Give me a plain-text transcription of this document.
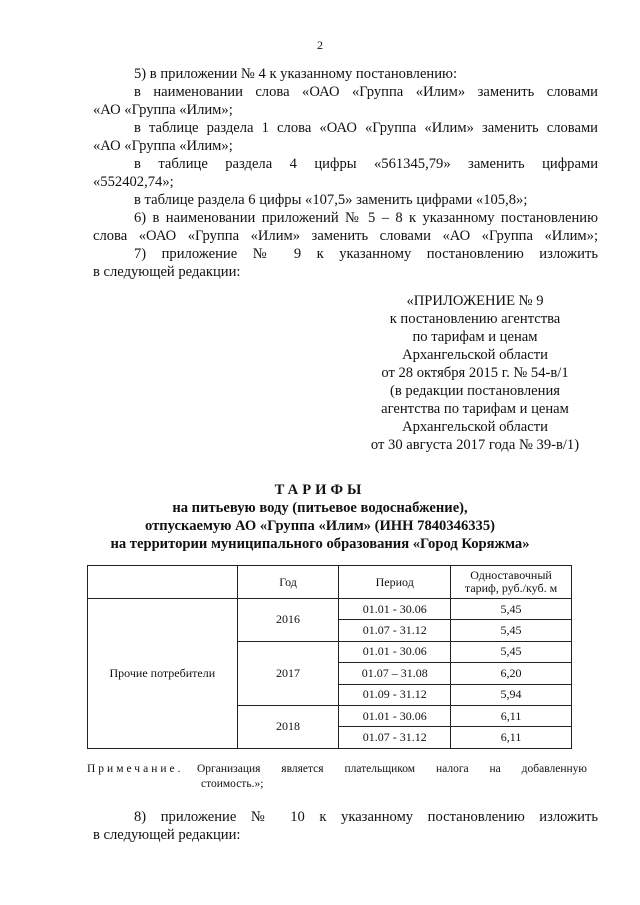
2
5) в приложении № 4 к указанному постановлению:
в наименовании слова «ОАО «Группа «Илим» заменить словами
«АО «Группа «Илим»;
в таблице раздела 1 слова «ОАО «Группа «Илим» заменить словами
«АО «Группа «Илим»;
в таблице раздела 4 цифры «561345,79» заменить цифрами
«552402,74»;
в таблице раздела 6 цифры «107,5» заменить цифрами «105,8»;
6) в наименовании приложений № 5 – 8 к указанному постановлению
слова «ОАО «Группа «Илим» заменить словами «АО «Группа «Илим»;
7) приложение № 9 к указанному постановлению изложить
в следующей редакции:
«ПРИЛОЖЕНИЕ № 9
к постановлению агентства
по тарифам и ценам
Архангельской области
от 28 октября 2015 г. № 54-в/1
(в редакции постановления
агентства по тарифам и ценам
Архангельской области
от 30 августа 2017 года № 39-в/1)
ТАРИФЫ
на питьевую воду (питьевое водоснабжение),
отпускаемую АО «Группа «Илим» (ИНН 7840346335)
на территории муниципального образования «Город Коряжма»
	Год	Период	Одноставочный тариф, руб./куб. м
Прочие потребители	2016	01.01 - 30.06	5,45
		01.07 - 31.12	5,45
	2017	01.01 - 30.06	5,45
		01.07 – 31.08	6,20
		01.09 - 31.12	5,94
	2018	01.01 - 30.06	6,11
		01.07 - 31.12	6,11
Примечание. Организация является плательщиком налога на добавленную
стоимость.»;
8) приложение № 10 к указанному постановлению изложить
в следующей редакции:
